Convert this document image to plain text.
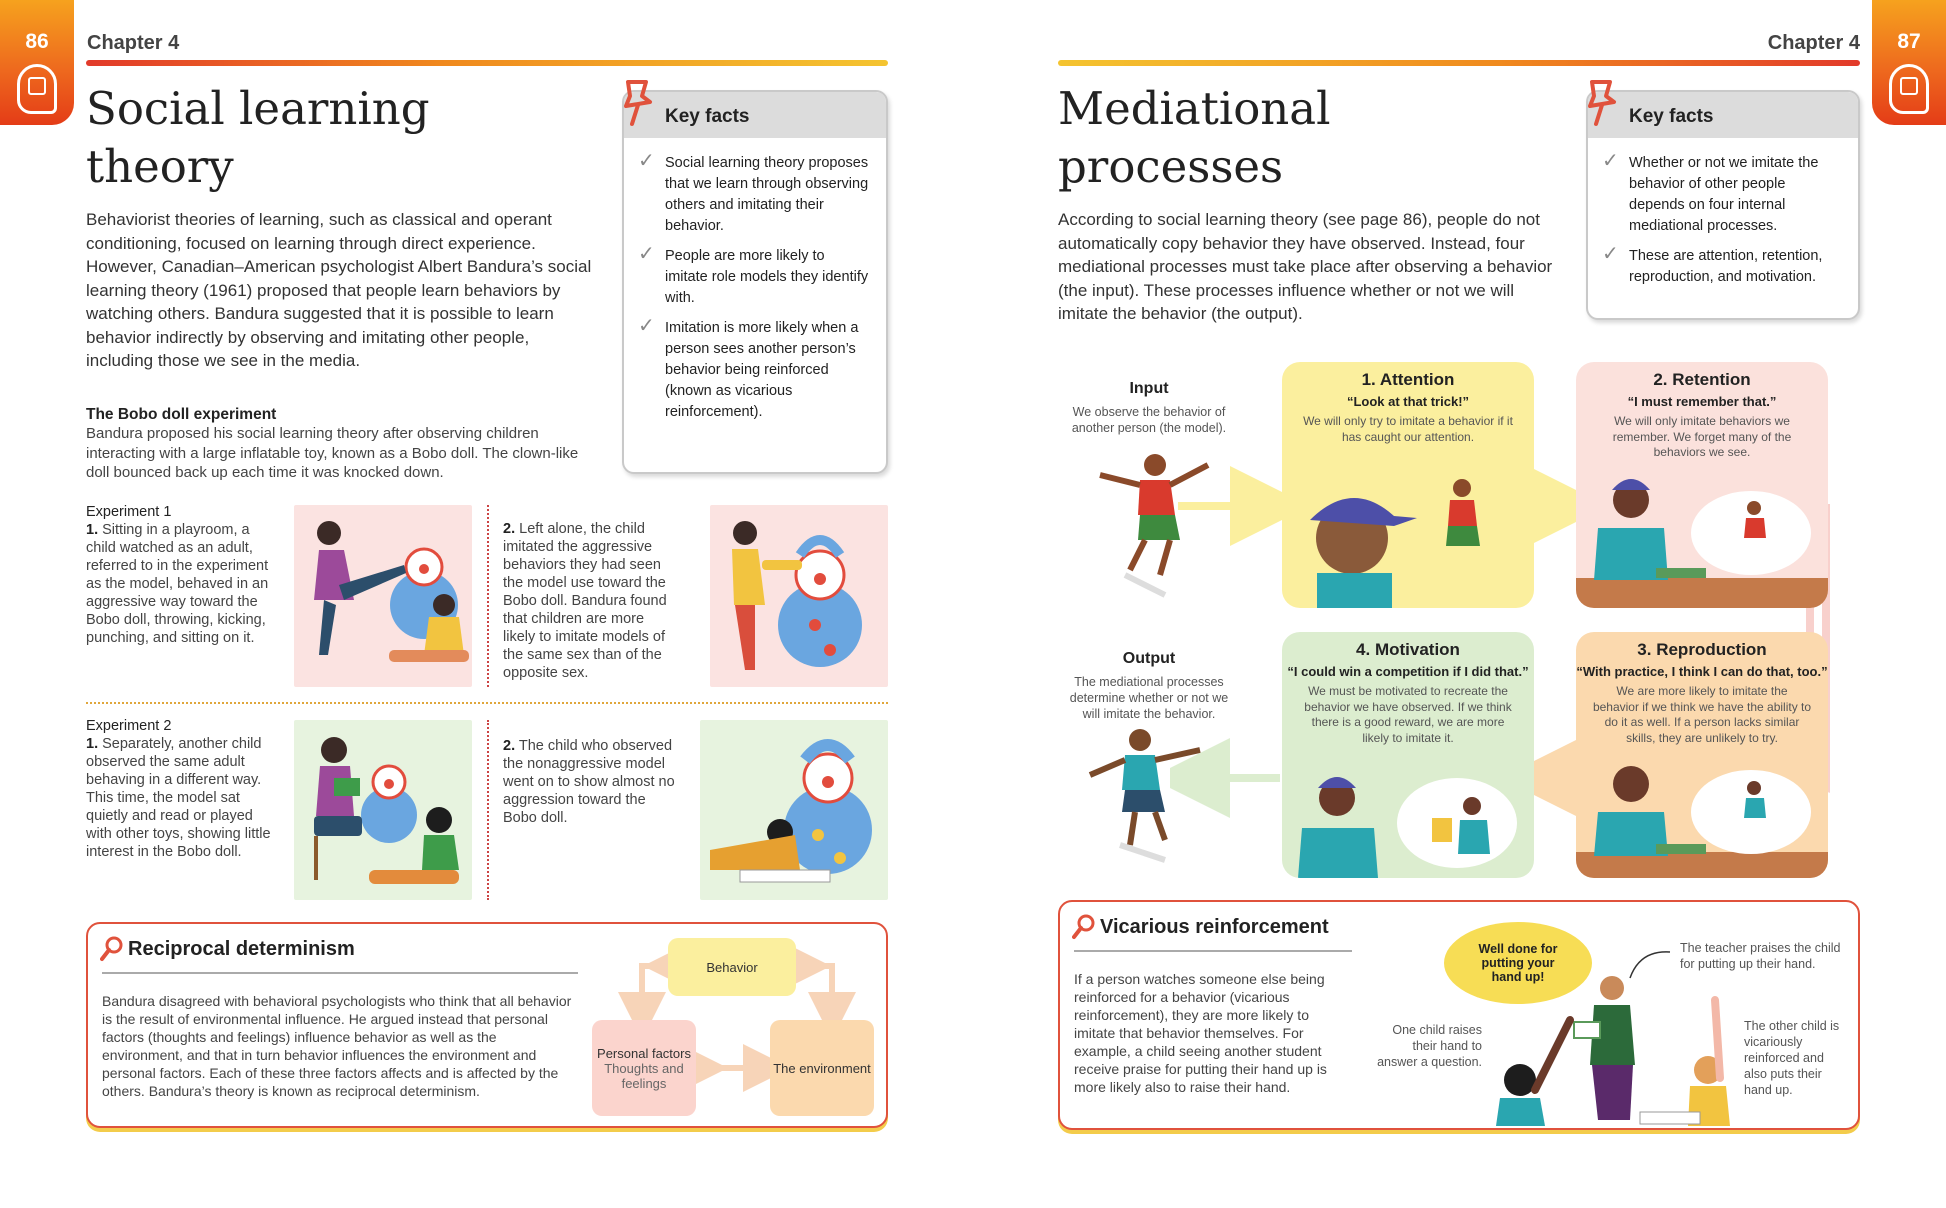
86	Chapter 4
Social learning
theory
Behaviorist theories of learning, such as classical and operant conditioning, focused on learning through direct experience. However, Canadian–American psychologist Albert Bandura’s social learning theory (1961) proposed that people learn behaviors by watching others. Bandura suggested that it is possible to learn behavior indirectly by observing and imitating other people, including those we see in the media.
Key facts
✓ Social learning theory proposes that we learn through observing others and imitating their behavior.
✓ People are more likely to imitate role models they identify with.
✓ Imitation is more likely when a person sees another person’s behavior being reinforced (known as vicarious reinforcement).
The Bobo doll experiment
Bandura proposed his social learning theory after observing children interacting with a large inflatable toy, known as a Bobo doll. The clown-like doll bounced back up each time it was knocked down.
Experiment 1
1. Sitting in a playroom, a child watched as an adult, referred to in the experiment as the model, behaved in an aggressive way toward the Bobo doll, throwing, kicking, punching, and sitting on it.
2. Left alone, the child imitated the aggressive behaviors they had seen the model use toward the Bobo doll. Bandura found that children are more likely to imitate models of the same sex than of the opposite sex.
Experiment 2
1. Separately, another child observed the same adult behaving in a different way. This time, the model sat quietly and read or played with other toys, showing little interest in the Bobo doll.
2. The child who observed the nonaggressive model went on to show almost no aggression toward the Bobo doll.
Reciprocal determinism
Bandura disagreed with behavioral psychologists who think that all behavior is the result of environmental influence. He argued instead that personal factors (thoughts and feelings) influence behavior as well as the environment, and that in turn behavior influences the environment and personal factors. Each of these three factors affects and is affected by the others. Bandura’s theory is known as reciprocal determinism.
Behavior
Personal factors
Thoughts and feelings
The environment
87
Chapter 4
Mediational
processes
According to social learning theory (see page 86), people do not automatically copy behavior they have observed. Instead, four mediational processes must take place after observing a behavior (the input). These processes influence whether or not we will imitate the behavior (the output).
Key facts
✓ Whether or not we imitate the behavior of other people depends on four internal mediational processes.
✓ These are attention, retention, reproduction, and motivation.
Input
We observe the behavior of another person (the model).
Output
The mediational processes determine whether or not we will imitate the behavior.
1. Attention
“Look at that trick!”
We will only try to imitate a behavior if it has caught our attention.
2. Retention
“I must remember that.”
We will only imitate behaviors we remember. We forget many of the behaviors we see.
4. Motivation
“I could win a competition if I did that.”
We must be motivated to recreate the behavior we have observed. If we think there is a good reward, we are more likely to imitate it.
3. Reproduction
“With practice, I think I can do that, too.”
We are more likely to imitate the behavior if we think we have the ability to do it as well. If a person lacks similar skills, they are unlikely to try.
Vicarious reinforcement
If a person watches someone else being reinforced for a behavior (vicarious reinforcement), they are more likely to imitate that behavior themselves. For example, a child seeing another student receive praise for putting their hand up is more likely also to raise their hand.
Well done for putting your hand up!
The teacher praises the child for putting up their hand.
One child raises their hand to answer a question.
The other child is vicariously reinforced and also puts their hand up.
